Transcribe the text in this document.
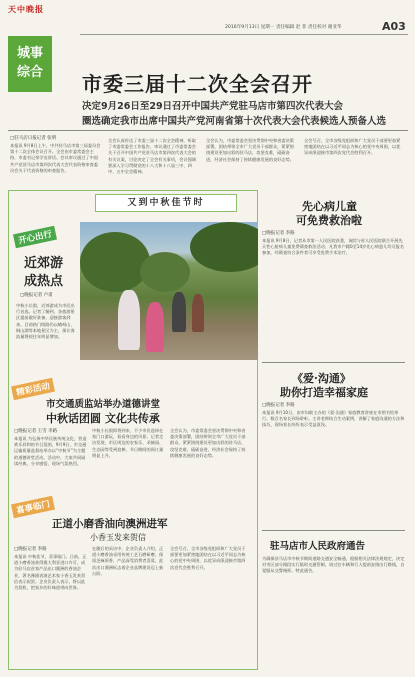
天中晚报
2016年9月13日 星期一 责任编辑 赵 菲 责任校对 谢亚华	A03
城事
综合	市委三届十二次全会召开
决定9月26日至29日召开中国共产党驻马店市第四次代表大会
圈选确定我市出席中国共产党河南省第十次代表大会代表候选人预备人选
□驻马店日报记者 张明
本报讯 9月8日上午，中共驻马店市第三届委员会第十二次全体会议召开。全会由市委常委会主持，市委书记余学友讲话。会议审议通过了中国共产党驻马店市第四次代表大会代表资格审查委员会关于代表资格的审查报告。
全会认真传达了市委三届十二次全会精神，听取了市委常委会工作报告，审议通过了市委常委会关于召开中国共产党驻马店市第四次代表大会的有关议案，讨论决定了全会有关事项，会议强调要深入学习贯彻党的十八大和十八届三中、四中、五中全会精神。
全会认为，市委常委会坚决贯彻中央和省委决策部署，团结带领全市广大党员干部群众，紧紧围绕建设更加出彩的驻马店，攻坚克难，砥砺奋进，经济社会保持了持续健康发展的良好态势。
全会号召，全市各级党组织和广大党员干部要更加紧密地团结在以习近平同志为核心的党中央周围，以优异成绩迎接市第四次党代会胜利召开。
又到中秋佳节时
开心出行
近郊游
成热点
□晚报记者 卢甫
中秋小长假，近郊游成为市民出行首选。记者了解到，各旅游景区提前做好准备，迎接游客到来。目前热门线路仍以嵖岈山、铜山湖等本地景区为主，预计客流量将较往年明显增加。
精彩活动
市交通质监站举办道德讲堂
中秋话团圆 文化共传承
□晚报记者 王雪 李路
本报讯 为弘扬中华民族传统文化，营造欢乐祥和的节日氛围，9月9日，市交通运输质量监督站举办以“中秋节”为主题的道德讲堂活动。活动中，大家共同诵读经典，分享感悟，现场气氛热烈。
中秋小长假即将到来，不少市民选择在家门口游玩，看看身边的风景。记者走访发现，市区周边的农家乐、采摘园、生态园等受到追捧，节日期间的预订量明显上升。
全会认为，市委常委会坚决贯彻中央和省委决策部署，团结带领全市广大党员干部群众，紧紧围绕建设更加出彩的驻马店，攻坚克难，砥砺奋进，经济社会保持了持续健康发展的良好态势。
喜事临门
正道小磨香油向澳洲进军
小香玉发来贺信
□晚报记者 李路
本报讯 中秋佳节，喜事临门。日前，正道小磨香油获得澳大利亚进口许可，成为驻马店首家产品出口澳洲的香油企业，著名豫剧表演艺术家小香玉发来贺信表示祝贺。企业负责人表示，将以此为契机，把家乡的好味道带向世界。
在随后的采访中，企业负责人介绍，正道小磨香油采用传统工艺石磨研磨，保留芝麻原香，产品深受消费者喜爱，此次出口澳洲标志着企业品牌建设迈上新台阶。
全会号召，全市各级党组织和广大党员干部要更加紧密地团结在以习近平同志为核心的党中央周围，以优异成绩迎接市第四次党代会胜利召开。
先心病儿童
可免费救治啦
□晚报记者 李路
本报讯 9月8日，记者从市第一人民医院获悉，该院与省人民医院联合开展先天性心脏病儿童免费筛查救治活动，凡我市户籍0至14岁先心病患儿均可报名参加，经筛查符合条件者可享受免费手术治疗。
《爱·沟通》
助你打造幸福家庭
□晚报记者 李路
本报讯 9月10日，由市妇联主办的《爱·沟通》家庭教育讲座在市图书馆举行，数百名家长到场聆听。主讲老师结合生动案例，讲解了家庭沟通的方法和技巧，现场家长纷纷表示受益匪浅。
驻马店市人民政府通告
为确保驻马店市中秋节期间道路交通安全畅通，根据相关法律法规规定，决定对市区部分路段实行临时交通管制，请过往车辆和行人提前安排出行路线，自觉服从交警指挥。特此通告。
